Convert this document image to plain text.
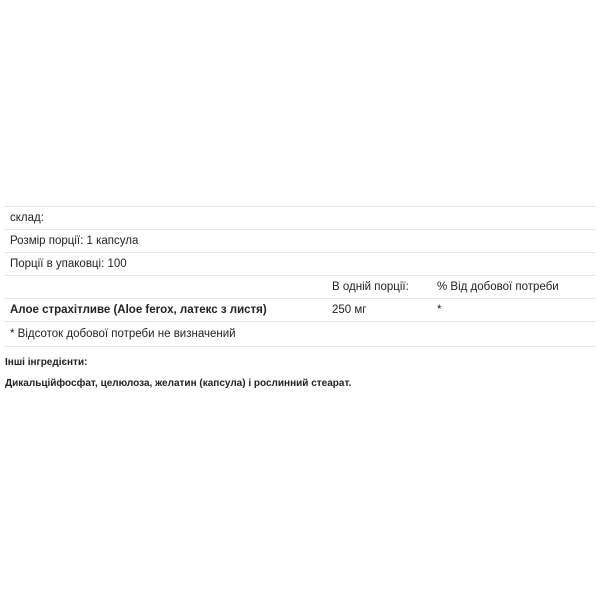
склад:
Розмір порції: 1 капсула
Порції в упаковці: 100
В одній порції: % Від добової потреби
Алое страхітливе (Aloe ferox, латекс з листя)	250 мг	*
* Відсоток добової потреби не визначений
Інші інгредієнти:
Дикальційфосфат, целюлоза, желатин (капсула) і рослинний стеарат.
